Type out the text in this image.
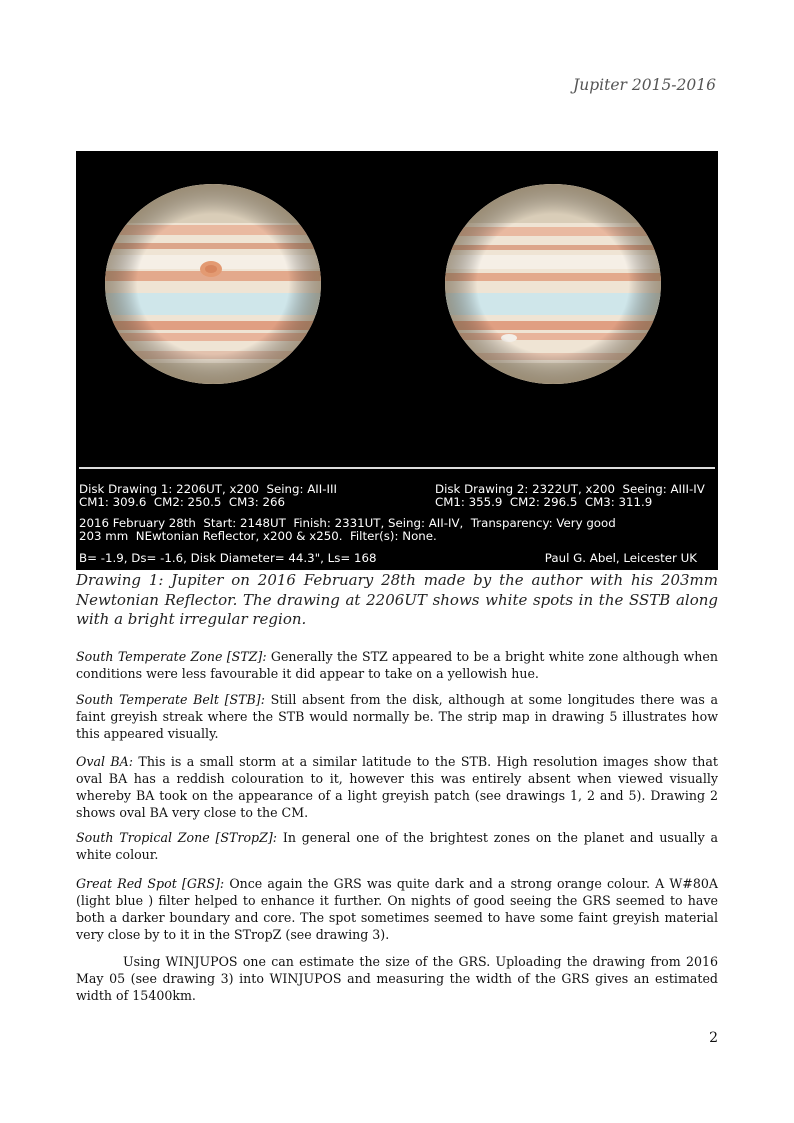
Jupiter 2015-2016
Disk Drawing 1: 2206UT, x200  Seing: AII-III
CM1: 309.6  CM2: 250.5  CM3: 266
Disk Drawing 2: 2322UT, x200  Seeing: AIII-IV
CM1: 355.9  CM2: 296.5  CM3: 311.9
2016 February 28th  Start: 2148UT  Finish: 2331UT, Seing: AII-IV,  Transparency: Very good
203 mm  NEwtonian Reflector, x200 & x250.  Filter(s): None.
B= -1.9, Ds= -1.6, Disk Diameter= 44.3", Ls= 168	Paul G. Abel, Leicester UK
Drawing 1: Jupiter on 2016 February 28th made by the author with his 203mm Newtonian Reflector. The drawing at 2206UT shows white spots in the SSTB along with a bright irregular region.

South Temperate Zone [STZ]: Generally the STZ appeared to be a bright white zone although when conditions were less favourable it did appear to take on a yellowish hue.

South Temperate Belt [STB]: Still absent from the disk, although at some longitudes there was a faint greyish streak where the STB would normally be. The strip map in drawing 5 illustrates how this appeared visually.

Oval BA: This is a small storm at a similar latitude to the STB. High resolution images show that oval BA has a reddish colouration to it, however this was entirely absent when viewed visually whereby BA took on the appearance of a light greyish patch (see drawings 1, 2 and 5). Drawing 2 shows oval BA very close to the CM.

South Tropical Zone [STropZ]: In general one of the brightest zones on the planet and usually a white colour.

Great Red Spot [GRS]: Once again the GRS was quite dark and a strong orange colour. A W#80A (light blue ) filter helped to enhance it further. On nights of good seeing the GRS seemed to have both a darker boundary and core. The spot sometimes seemed to have some faint greyish material very close by to it in the STropZ (see drawing 3).

Using WINJUPOS one can estimate the size of the GRS. Uploading the drawing from 2016 May 05 (see drawing 3) into WINJUPOS and measuring the width of the GRS gives an estimated width of 15400km.

2
